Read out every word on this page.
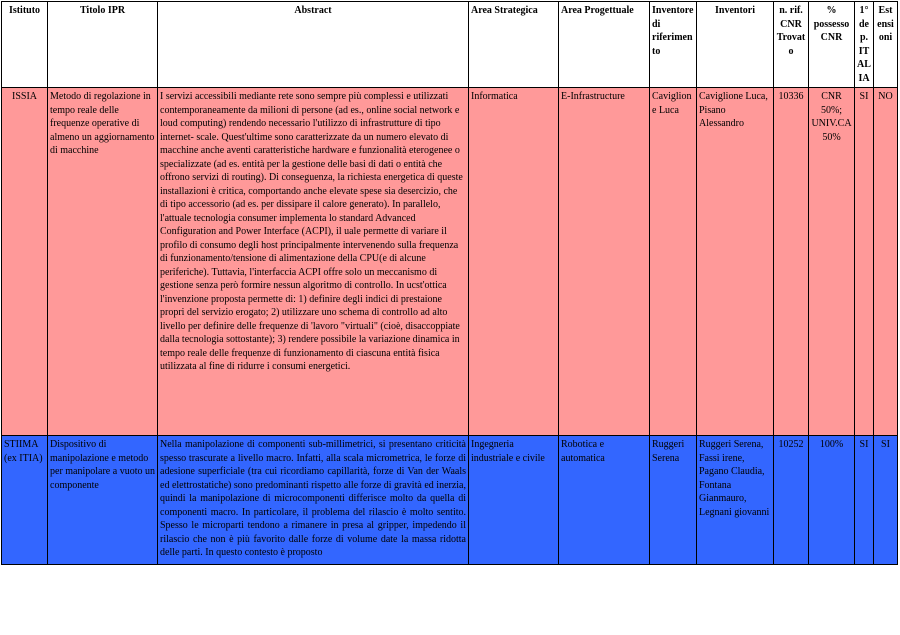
Istituto	Titolo IPR	Abstract	Area Strategica	Area Progettuale	Inventore di riferimento	Inventori	n. rif. CNR Trovato	% possesso CNR	1° de p. IT AL IA	Est ensi oni
ISSIA	Metodo di regolazione in tempo reale delle frequenze operative di almeno un aggiornamento di macchine	I servizi accessibili mediante rete sono sempre più complessi e utilizzati contemporaneamente da milioni di persone (ad es., online social network e loud computing) rendendo necessario l'utilizzo di infrastrutture di tipo internet- scale. Quest'ultime sono caratterizzate da un numero elevato di macchine anche aventi caratteristiche hardware e funzionalità eterogenee o specializzate (ad es. entità per la gestione delle basi di dati o entità che offrono servizi di routing). Di conseguenza, la richiesta energetica di queste installazioni è critica, comportando anche elevate spese sia desercizio, che di tipo accessorio (ad es. per dissipare il calore generato). In parallelo, l'attuale tecnologia consumer implementa lo standard Advanced Configuration and Power Interface (ACPI), il uale permette di variare il profilo di consumo degli host principalmente intervenendo sulla frequenza di funzionamento/tensione di alimentazione della CPU(e di alcune periferiche). Tuttavia, l'interfaccia ACPI offre solo un meccanismo di gestione senza però formire nessun algoritmo di controllo. In ucst'ottica l'invenzione proposta permette di: 1) definire degli indici di prestaione propri del servizio erogato; 2) utilizzare uno schema di controllo ad alto livello per definire delle frequenze di 'lavoro "virtuali" (cioè, disaccoppiate dalla tecnologia sottostante); 3) rendere possibile la variazione dinamica in tempo reale delle frequenze di funzionamento di ciascuna entità fisica utilizzata al fine di ridurre i consumi energetici.	Informatica	E-Infrastructure	Caviglione Luca	Caviglione Luca, Pisano Alessandro	10336	CNR 50%; UNIV.CA 50%	SI	NO
STIIMA (ex ITIA)	Dispositivo di manipolazione e metodo per manipolare a vuoto un componente	Nella manipolazione di componenti sub-millimetrici, si presentano criticità spesso trascurate a livello macro. Infatti, alla scala micrometrica, le forze di adesione superficiale (tra cui ricordiamo capillarità, forze di Van der Waals ed elettrostatiche) sono predominanti rispetto alle forze di gravità ed inerzia, quindi la manipolazione di microcomponenti differisce molto da quella di componenti macro. In particolare, il problema del rilascio è molto sentito. Spesso le microparti tendono a rimanere in presa al gripper, impedendo il rilascio che non è più favorito dalle forze di volume date la massa ridotta delle parti. In questo contesto è proposto	Ingegneria industriale e civile	Robotica e automatica	Ruggeri Serena	Ruggeri Serena, Fassi irene, Pagano Claudia, Fontana Gianmauro, Legnani giovanni	10252	100%	SI	SI
